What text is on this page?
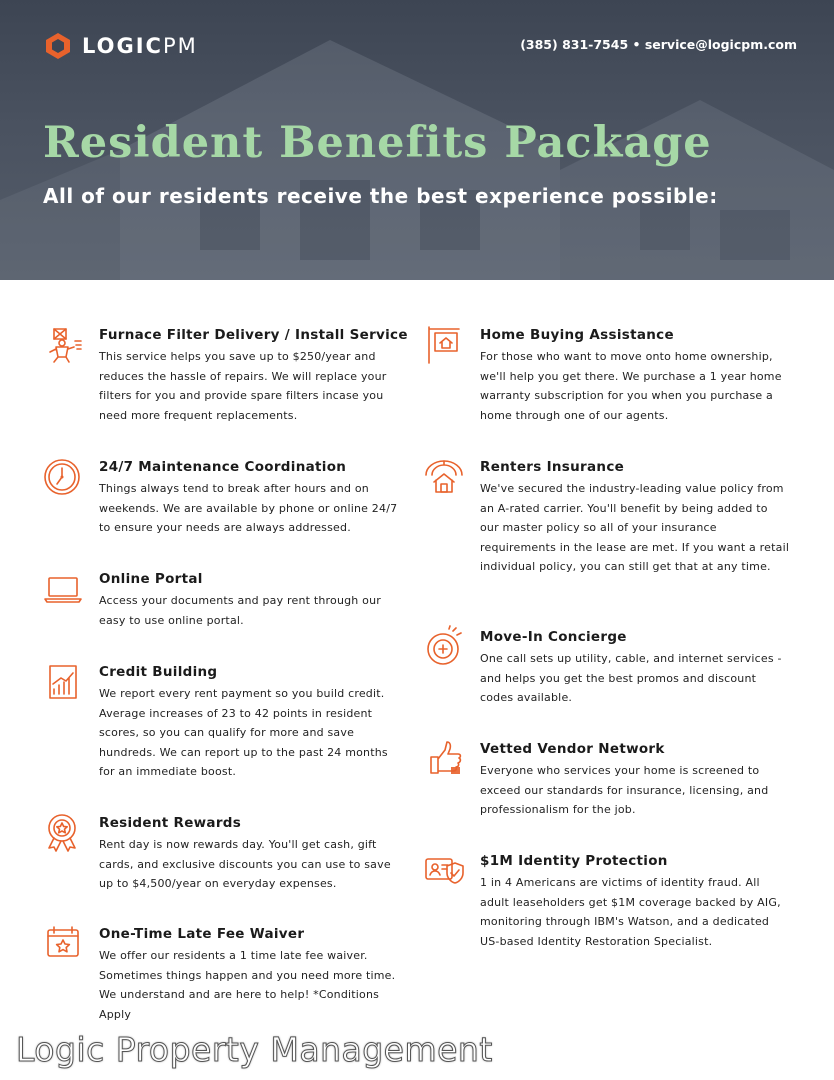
LOGICPM	(385) 831-7545 • service@logicpm.com
Resident Benefits Package
All of our residents receive the best experience possible:
Furnace Filter Delivery / Install Service

This service helps you save up to $250/year and reduces the hassle of repairs. We will replace your filters for you and provide spare filters incase you need more frequent replacements.

24/7 Maintenance Coordination

Things always tend to break after hours and on weekends. We are available by phone or online 24/7 to ensure your needs are always addressed.

Online Portal

Access your documents and pay rent through our easy to use online portal.

Credit Building

We report every rent payment so you build credit. Average increases of 23 to 42 points in resident scores, so you can qualify for more and save hundreds. We can report up to the past 24 months for an immediate boost.

Resident Rewards

Rent day is now rewards day. You'll get cash, gift cards, and exclusive discounts you can use to save up to $4,500/year on everyday expenses.

One-Time Late Fee Waiver

We offer our residents a 1 time late fee waiver. Sometimes things happen and you need more time. We understand and are here to help! *Conditions Apply

Home Buying Assistance

For those who want to move onto home ownership, we'll help you get there. We purchase a 1 year home warranty subscription for you when you purchase a home through one of our agents.

Renters Insurance

We've secured the industry-leading value policy from an A-rated carrier. You'll benefit by being added to our master policy so all of your insurance requirements in the lease are met. If you want a retail individual policy, you can still get that at any time.

Move-In Concierge

One call sets up utility, cable, and internet services - and helps you get the best promos and discount codes available.

Vetted Vendor Network

Everyone who services your home is screened to exceed our standards for insurance, licensing, and professionalism for the job.

$1M Identity Protection

1 in 4 Americans are victims of identity fraud. All adult leaseholders get $1M coverage backed by AIG, monitoring through IBM's Watson, and a dedicated US-based Identity Restoration Specialist.

Logic Property Management
